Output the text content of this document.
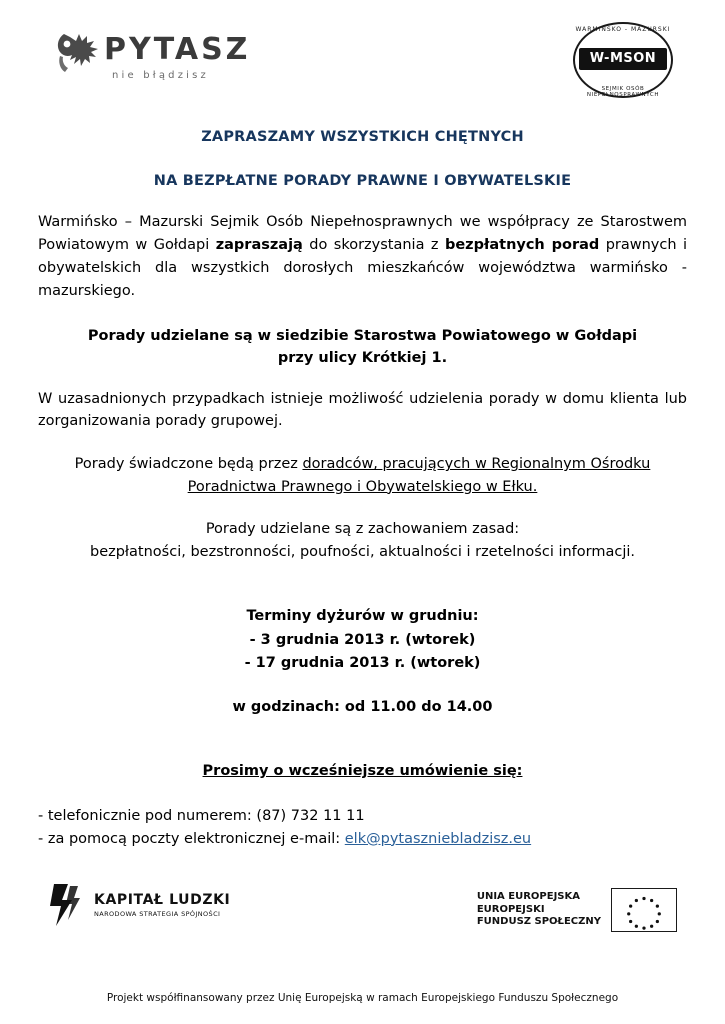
PYTASZ
nie błądzisz
WARMIŃSKO - MAZURSKI
W-MSON
SEJMIK OSÓB NIEPEŁNOSPRAWNYCH
ZAPRASZAMY WSZYSTKICH CHĘTNYCH
NA BEZPŁATNE PORADY PRAWNE I OBYWATELSKIE

Warmińsko – Mazurski Sejmik Osób Niepełnosprawnych we współpracy ze Starostwem Powiatowym w Gołdapi zapraszają do skorzystania z bezpłatnych porad prawnych i obywatelskich dla wszystkich dorosłych mieszkańców województwa warmińsko - mazurskiego.

Porady udzielane są w siedzibie Starostwa Powiatowego w Gołdapi
przy ulicy Krótkiej 1.

W uzasadnionych przypadkach istnieje możliwość udzielenia porady w domu klienta lub zorganizowania porady grupowej.

Porady świadczone będą przez doradców, pracujących w Regionalnym Ośrodku
Poradnictwa Prawnego i Obywatelskiego w Ełku.
Porady udzielane są z zachowaniem zasad:
bezpłatności, bezstronności, poufności, aktualności i rzetelności informacji.
Terminy dyżurów w grudniu:
- 3 grudnia 2013 r. (wtorek)
- 17 grudnia 2013 r. (wtorek)
w godzinach: od 11.00 do 14.00
Prosimy o wcześniejsze umówienie się:
- telefonicznie pod numerem: (87) 732 11 11
- za pomocą poczty elektronicznej e-mail: elk@pytaszniebladzisz.eu
KAPITAŁ LUDZKI
NARODOWA STRATEGIA SPÓJNOŚCI
UNIA EUROPEJSKA
EUROPEJSKI
FUNDUSZ SPOŁECZNY
Projekt współfinansowany przez Unię Europejską w ramach Europejskiego Funduszu Społecznego
